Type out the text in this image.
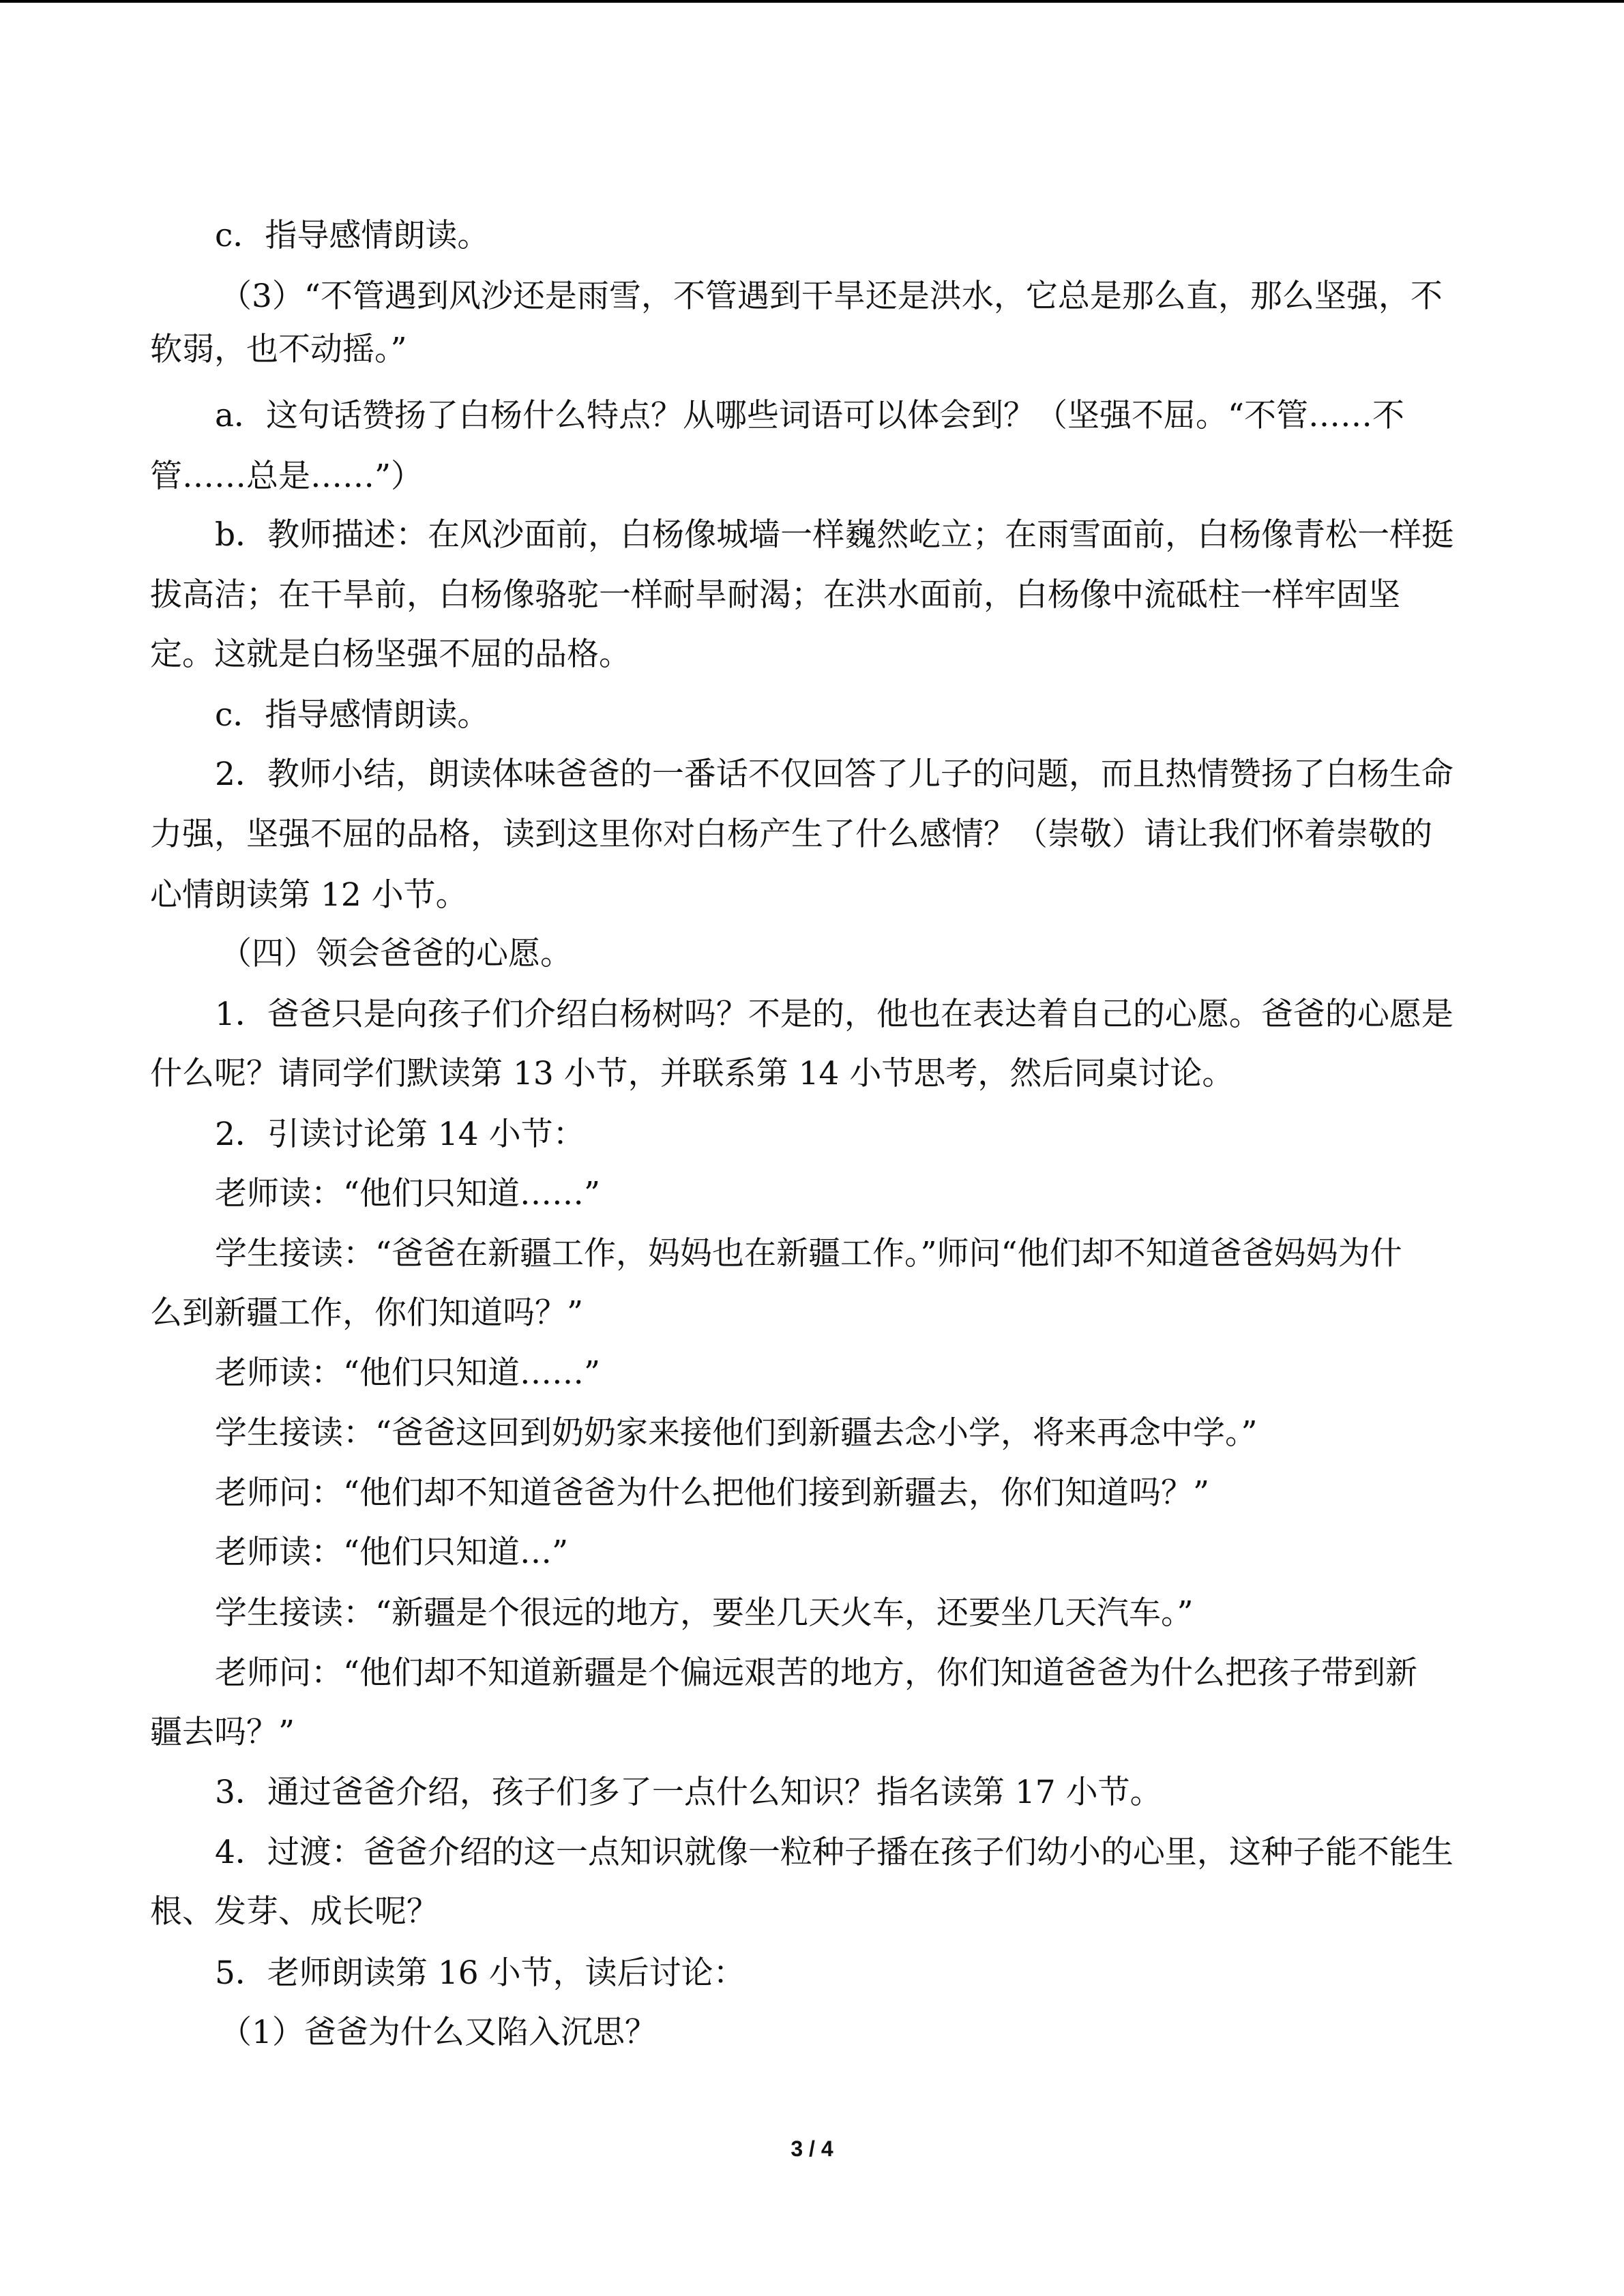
c．指导感情朗读。
（3）“不管遇到风沙还是雨雪，不管遇到干旱还是洪水，它总是那么直，那么坚强，不
软弱，也不动摇。”
a．这句话赞扬了白杨什么特点？从哪些词语可以体会到？（坚强不屈。“不管……不
管……总是……”）
b．教师描述：在风沙面前，白杨像城墙一样巍然屹立；在雨雪面前，白杨像青松一样挺
拔高洁；在干旱前，白杨像骆驼一样耐旱耐渴；在洪水面前，白杨像中流砥柱一样牢固坚
定。这就是白杨坚强不屈的品格。
c．指导感情朗读。
2．教师小结，朗读体味爸爸的一番话不仅回答了儿子的问题，而且热情赞扬了白杨生命
力强，坚强不屈的品格，读到这里你对白杨产生了什么感情？（崇敬）请让我们怀着崇敬的
心情朗读第 12 小节。
（四）领会爸爸的心愿。
1．爸爸只是向孩子们介绍白杨树吗？不是的，他也在表达着自己的心愿。爸爸的心愿是
什么呢？请同学们默读第 13 小节，并联系第 14 小节思考，然后同桌讨论。
2．引读讨论第 14 小节：
老师读：“他们只知道……”
学生接读：“爸爸在新疆工作，妈妈也在新疆工作。”师问“他们却不知道爸爸妈妈为什
么到新疆工作，你们知道吗？”
老师读：“他们只知道……”
学生接读：“爸爸这回到奶奶家来接他们到新疆去念小学，将来再念中学。”
老师问：“他们却不知道爸爸为什么把他们接到新疆去，你们知道吗？”
老师读：“他们只知道…”
学生接读：“新疆是个很远的地方，要坐几天火车，还要坐几天汽车。”
老师问：“他们却不知道新疆是个偏远艰苦的地方，你们知道爸爸为什么把孩子带到新
疆去吗？”
3．通过爸爸介绍，孩子们多了一点什么知识？指名读第 17 小节。
4．过渡：爸爸介绍的这一点知识就像一粒种子播在孩子们幼小的心里，这种子能不能生
根、发芽、成长呢？
5．老师朗读第 16 小节，读后讨论：
（1）爸爸为什么又陷入沉思？
3 / 4
